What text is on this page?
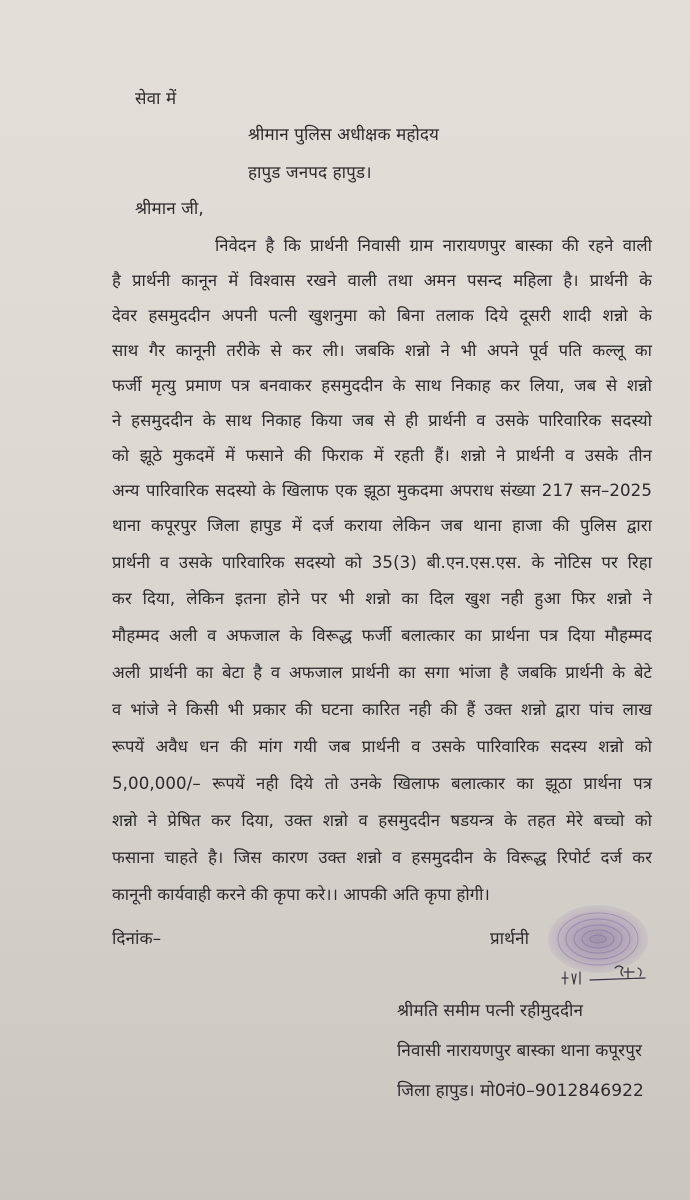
सेवा में
श्रीमान पुलिस अधीक्षक महोदय
हापुड जनपद हापुड।
श्रीमान जी,
निवेदन है कि प्रार्थनी निवासी ग्राम नारायणपुर बास्का की रहने वाली
है प्रार्थनी कानून में विश्वास रखने वाली तथा अमन पसन्द महिला है। प्रार्थनी के
देवर हसमुददीन अपनी पत्नी खुशनुमा को बिना तलाक दिये दूसरी शादी शन्नो के
साथ गैर कानूनी तरीके से कर ली। जबकि शन्नो ने भी अपने पूर्व पति कल्लू का
फर्जी मृत्यु प्रमाण पत्र बनवाकर हसमुददीन के साथ निकाह कर लिया, जब से शन्नो
ने हसमुददीन के साथ निकाह किया जब से ही प्रार्थनी व उसके पारिवारिक सदस्यो
को झूठे मुकदमें में फसाने की फिराक में रहती हैं। शन्नो ने प्रार्थनी व उसके तीन
अन्य पारिवारिक सदस्यो के खिलाफ एक झूठा मुकदमा अपराध संख्या 217 सन–2025
थाना कपूरपुर जिला हापुड में दर्ज कराया लेकिन जब थाना हाजा की पुलिस द्वारा
प्रार्थनी व उसके पारिवारिक सदस्यो को 35(3) बी.एन.एस.एस. के नोटिस पर रिहा
कर दिया, लेकिन इतना होने पर भी शन्नो का दिल खुश नही हुआ फिर शन्नो ने
मौहम्मद अली व अफजाल के विरूद्ध फर्जी बलात्कार का प्रार्थना पत्र दिया मौहम्मद
अली प्रार्थनी का बेटा है व अफजाल प्रार्थनी का सगा भांजा है जबकि प्रार्थनी के बेटे
व भांजे ने किसी भी प्रकार की घटना कारित नही की हैं उक्त शन्नो द्वारा पांच लाख
रूपयें अवैध धन की मांग गयी जब प्रार्थनी व उसके पारिवारिक सदस्य शन्नो को
5,00,000/– रूपयें नही दिये तो उनके खिलाफ बलात्कार का झूठा प्रार्थना पत्र
शन्नो ने प्रेषित कर दिया, उक्त शन्नो व हसमुददीन षडयन्त्र के तहत मेरे बच्चो को
फसाना चाहते है। जिस कारण उक्त शन्नो व हसमुददीन के विरूद्ध रिपोर्ट दर्ज कर
कानूनी कार्यवाही करने की कृपा करे।। आपकी अति कृपा होगी।
दिनांक–	प्रार्थनी
श्रीमति समीम पत्नी रहीमुददीन
निवासी नारायणपुर बास्का थाना कपूरपुर
जिला हापुड। मो0नं0–9012846922
